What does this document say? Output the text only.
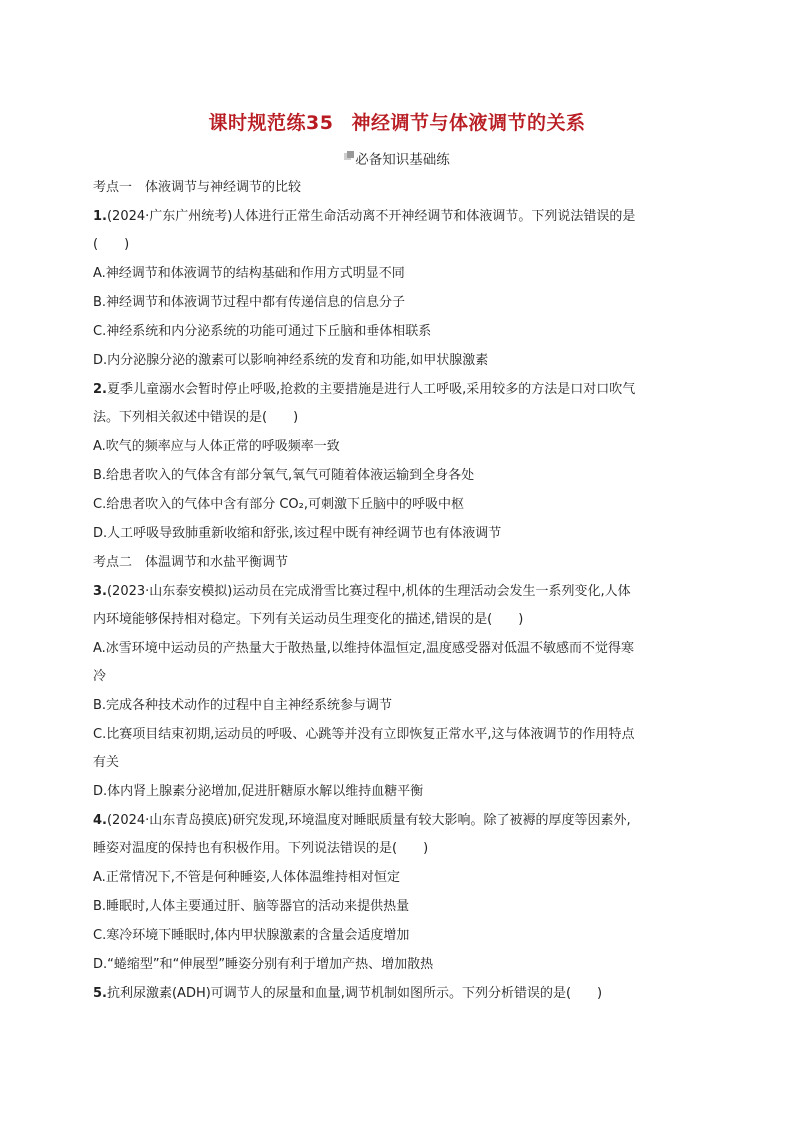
课时规范练35 神经调节与体液调节的关系
必备知识基础练
考点一　体液调节与神经调节的比较
1.(2024·广东广州统考)人体进行正常生命活动离不开神经调节和体液调节。下列说法错误的是
(　　)
A.神经调节和体液调节的结构基础和作用方式明显不同
B.神经调节和体液调节过程中都有传递信息的信息分子
C.神经系统和内分泌系统的功能可通过下丘脑和垂体相联系
D.内分泌腺分泌的激素可以影响神经系统的发育和功能,如甲状腺激素
2.夏季儿童溺水会暂时停止呼吸,抢救的主要措施是进行人工呼吸,采用较多的方法是口对口吹气
法。下列相关叙述中错误的是(　　)
A.吹气的频率应与人体正常的呼吸频率一致
B.给患者吹入的气体含有部分氧气,氧气可随着体液运输到全身各处
C.给患者吹入的气体中含有部分 CO₂,可刺激下丘脑中的呼吸中枢
D.人工呼吸导致肺重新收缩和舒张,该过程中既有神经调节也有体液调节
考点二　体温调节和水盐平衡调节
3.(2023·山东泰安模拟)运动员在完成滑雪比赛过程中,机体的生理活动会发生一系列变化,人体
内环境能够保持相对稳定。下列有关运动员生理变化的描述,错误的是(　　)
A.冰雪环境中运动员的产热量大于散热量,以维持体温恒定,温度感受器对低温不敏感而不觉得寒
冷
B.完成各种技术动作的过程中自主神经系统参与调节
C.比赛项目结束初期,运动员的呼吸、心跳等并没有立即恢复正常水平,这与体液调节的作用特点
有关
D.体内肾上腺素分泌增加,促进肝糖原水解以维持血糖平衡
4.(2024·山东青岛摸底)研究发现,环境温度对睡眠质量有较大影响。除了被褥的厚度等因素外,
睡姿对温度的保持也有积极作用。下列说法错误的是(　　)
A.正常情况下,不管是何种睡姿,人体体温维持相对恒定
B.睡眠时,人体主要通过肝、脑等器官的活动来提供热量
C.寒冷环境下睡眠时,体内甲状腺激素的含量会适度增加
D.“蜷缩型”和“伸展型”睡姿分别有利于增加产热、增加散热
5.抗利尿激素(ADH)可调节人的尿量和血量,调节机制如图所示。下列分析错误的是(　　)
